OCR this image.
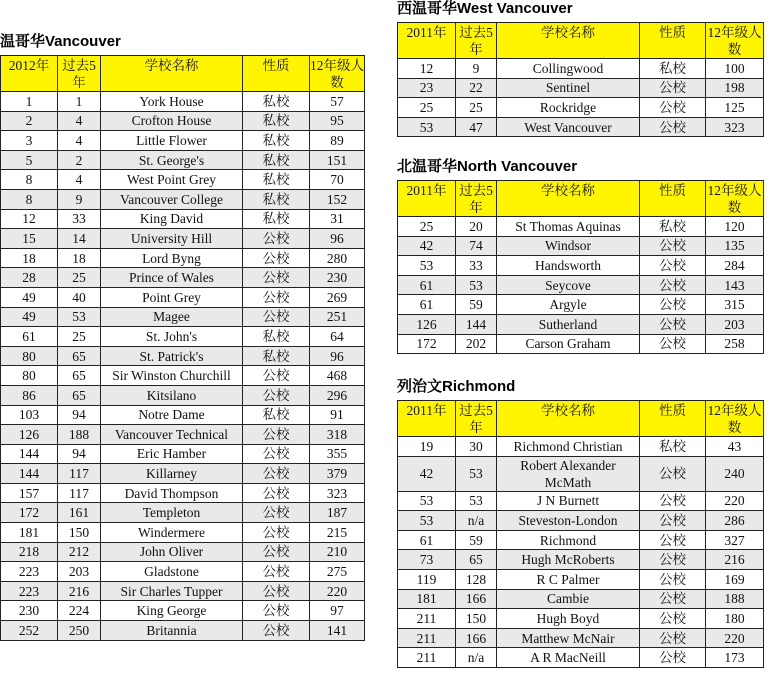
温哥华Vancouver
2012年	过去5年	学校名称	性质	12年级人数
1	1	York House	私校	57
2	4	Crofton House	私校	95
3	4	Little Flower	私校	89
5	2	St. George's	私校	151
8	4	West Point Grey	私校	70
8	9	Vancouver College	私校	152
12	33	King David	私校	31
15	14	University Hill	公校	96
18	18	Lord Byng	公校	280
28	25	Prince of Wales	公校	230
49	40	Point Grey	公校	269
49	53	Magee	公校	251
61	25	St. John's	私校	64
80	65	St. Patrick's	私校	96
80	65	Sir Winston Churchill	公校	468
86	65	Kitsilano	公校	296
103	94	Notre Dame	私校	91
126	188	Vancouver Technical	公校	318
144	94	Eric Hamber	公校	355
144	117	Killarney	公校	379
157	117	David Thompson	公校	323
172	161	Templeton	公校	187
181	150	Windermere	公校	215
218	212	John Oliver	公校	210
223	203	Gladstone	公校	275
223	216	Sir Charles Tupper	公校	220
230	224	King George	公校	97
252	250	Britannia	公校	141
西温哥华West Vancouver
2011年	过去5年	学校名称	性质	12年级人数
12	9	Collingwood	私校	100
23	22	Sentinel	公校	198
25	25	Rockridge	公校	125
53	47	West Vancouver	公校	323
北温哥华North Vancouver
2011年	过去5年	学校名称	性质	12年级人数
25	20	St Thomas Aquinas	私校	120
42	74	Windsor	公校	135
53	33	Handsworth	公校	284
61	53	Seycove	公校	143
61	59	Argyle	公校	315
126	144	Sutherland	公校	203
172	202	Carson Graham	公校	258
列治文Richmond
2011年	过去5年	学校名称	性质	12年级人数
19	30	Richmond Christian	私校	43
42	53	Robert Alexander McMath	公校	240
53	53	J N Burnett	公校	220
53	n/a	Steveston-London	公校	286
61	59	Richmond	公校	327
73	65	Hugh McRoberts	公校	216
119	128	R C Palmer	公校	169
181	166	Cambie	公校	188
211	150	Hugh Boyd	公校	180
211	166	Matthew McNair	公校	220
211	n/a	A R MacNeill	公校	173
